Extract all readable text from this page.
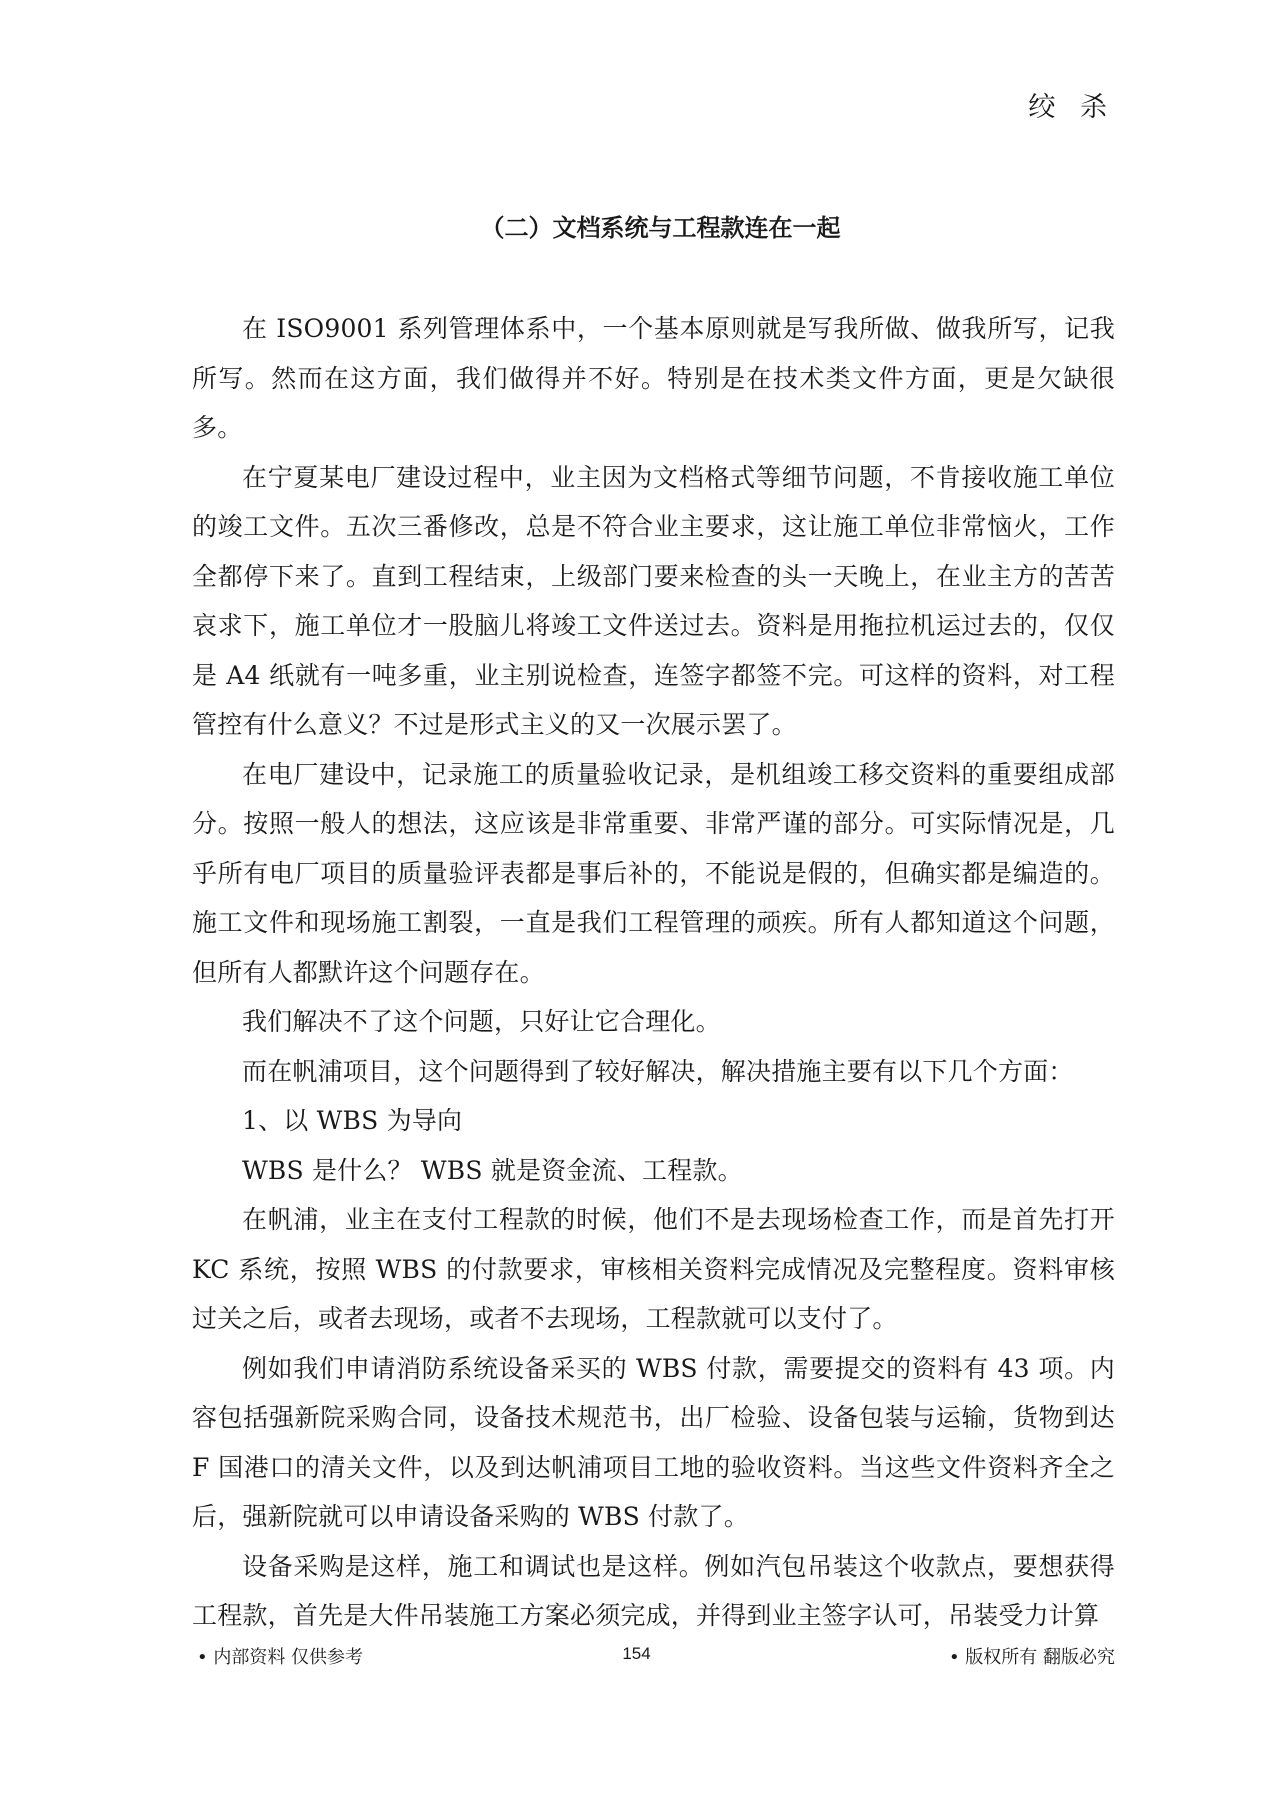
绞 杀
（二）文档系统与工程款连在一起

在 ISO9001 系列管理体系中，一个基本原则就是写我所做、做我所写，记我所写。然而在这方面，我们做得并不好。特别是在技术类文件方面，更是欠缺很多。

在宁夏某电厂建设过程中，业主因为文档格式等细节问题，不肯接收施工单位的竣工文件。五次三番修改，总是不符合业主要求，这让施工单位非常恼火，工作全都停下来了。直到工程结束，上级部门要来检查的头一天晚上，在业主方的苦苦哀求下，施工单位才一股脑儿将竣工文件送过去。资料是用拖拉机运过去的，仅仅是 A4 纸就有一吨多重，业主别说检查，连签字都签不完。可这样的资料，对工程管控有什么意义？不过是形式主义的又一次展示罢了。

在电厂建设中，记录施工的质量验收记录，是机组竣工移交资料的重要组成部分。按照一般人的想法，这应该是非常重要、非常严谨的部分。可实际情况是，几乎所有电厂项目的质量验评表都是事后补的，不能说是假的，但确实都是编造的。施工文件和现场施工割裂，一直是我们工程管理的顽疾。所有人都知道这个问题，但所有人都默许这个问题存在。

我们解决不了这个问题，只好让它合理化。

而在帆浦项目，这个问题得到了较好解决，解决措施主要有以下几个方面：

1、以 WBS 为导向

WBS 是什么？ WBS 就是资金流、工程款。

在帆浦，业主在支付工程款的时候，他们不是去现场检查工作，而是首先打开 KC 系统，按照 WBS 的付款要求，审核相关资料完成情况及完整程度。资料审核过关之后，或者去现场，或者不去现场，工程款就可以支付了。

例如我们申请消防系统设备采买的 WBS 付款，需要提交的资料有 43 项。内容包括强新院采购合同，设备技术规范书，出厂检验、设备包装与运输，货物到达 F 国港口的清关文件，以及到达帆浦项目工地的验收资料。当这些文件资料齐全之后，强新院就可以申请设备采购的 WBS 付款了。

设备采购是这样，施工和调试也是这样。例如汽包吊装这个收款点，要想获得工程款，首先是大件吊装施工方案必须完成，并得到业主签字认可，吊装受力计算

• 内部资料 仅供参考	154	• 版权所有 翻版必究
